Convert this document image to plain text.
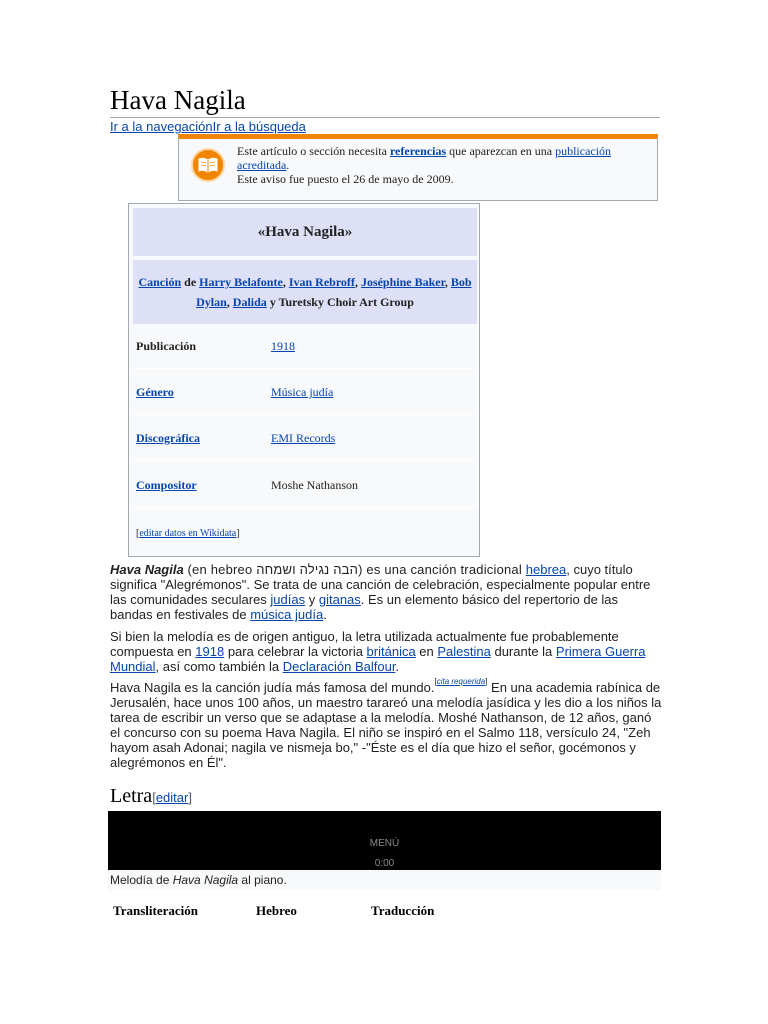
Hava Nagila
Ir a la navegaciónIr a la búsqueda
Este artículo o sección necesita referencias que aparezcan en una publicación acreditada.
Este aviso fue puesto el 26 de mayo de 2009.
«Hava Nagila»
Canción de Harry Belafonte, Ivan Rebroff, Joséphine Baker, Bob Dylan, Dalida y Turetsky Choir Art Group
Publicación	1918
Género	Música judía
Discográfica	EMI Records
Compositor	Moshe Nathanson
[editar datos en Wikidata]

Hava Nagila (en hebreo הבה נגילה ושמחה) es una canción tradicional hebrea, cuyo título significa "Alegrémonos". Se trata de una canción de celebración, especialmente popular entre las comunidades seculares judías y gitanas. Es un elemento básico del repertorio de las bandas en festivales de música judía.

Si bien la melodía es de origen antiguo, la letra utilizada actualmente fue probablemente compuesta en 1918 para celebrar la victoria británica en Palestina durante la Primera Guerra Mundial, así como también la Declaración Balfour.

Hava Nagila es la canción judía más famosa del mundo.[cita requerida] En una academia rabínica de Jerusalén, hace unos 100 años, un maestro tarareó una melodía jasídica y les dio a los niños la tarea de escribir un verso que se adaptase a la melodía. Moshé Nathanson, de 12 años, ganó el concurso con su poema Hava Nagila. El niño se inspiró en el Salmo 118, versículo 24, "Zeh hayom asah Adonai; nagila ve nismeja bo," -"Éste es el día que hizo el señor, gocémonos y alegrémonos en Él".

Letra[editar]
MENÚ
0:00
Melodía de Hava Nagila al piano.
Transliteración	Hebreo	Traducción
